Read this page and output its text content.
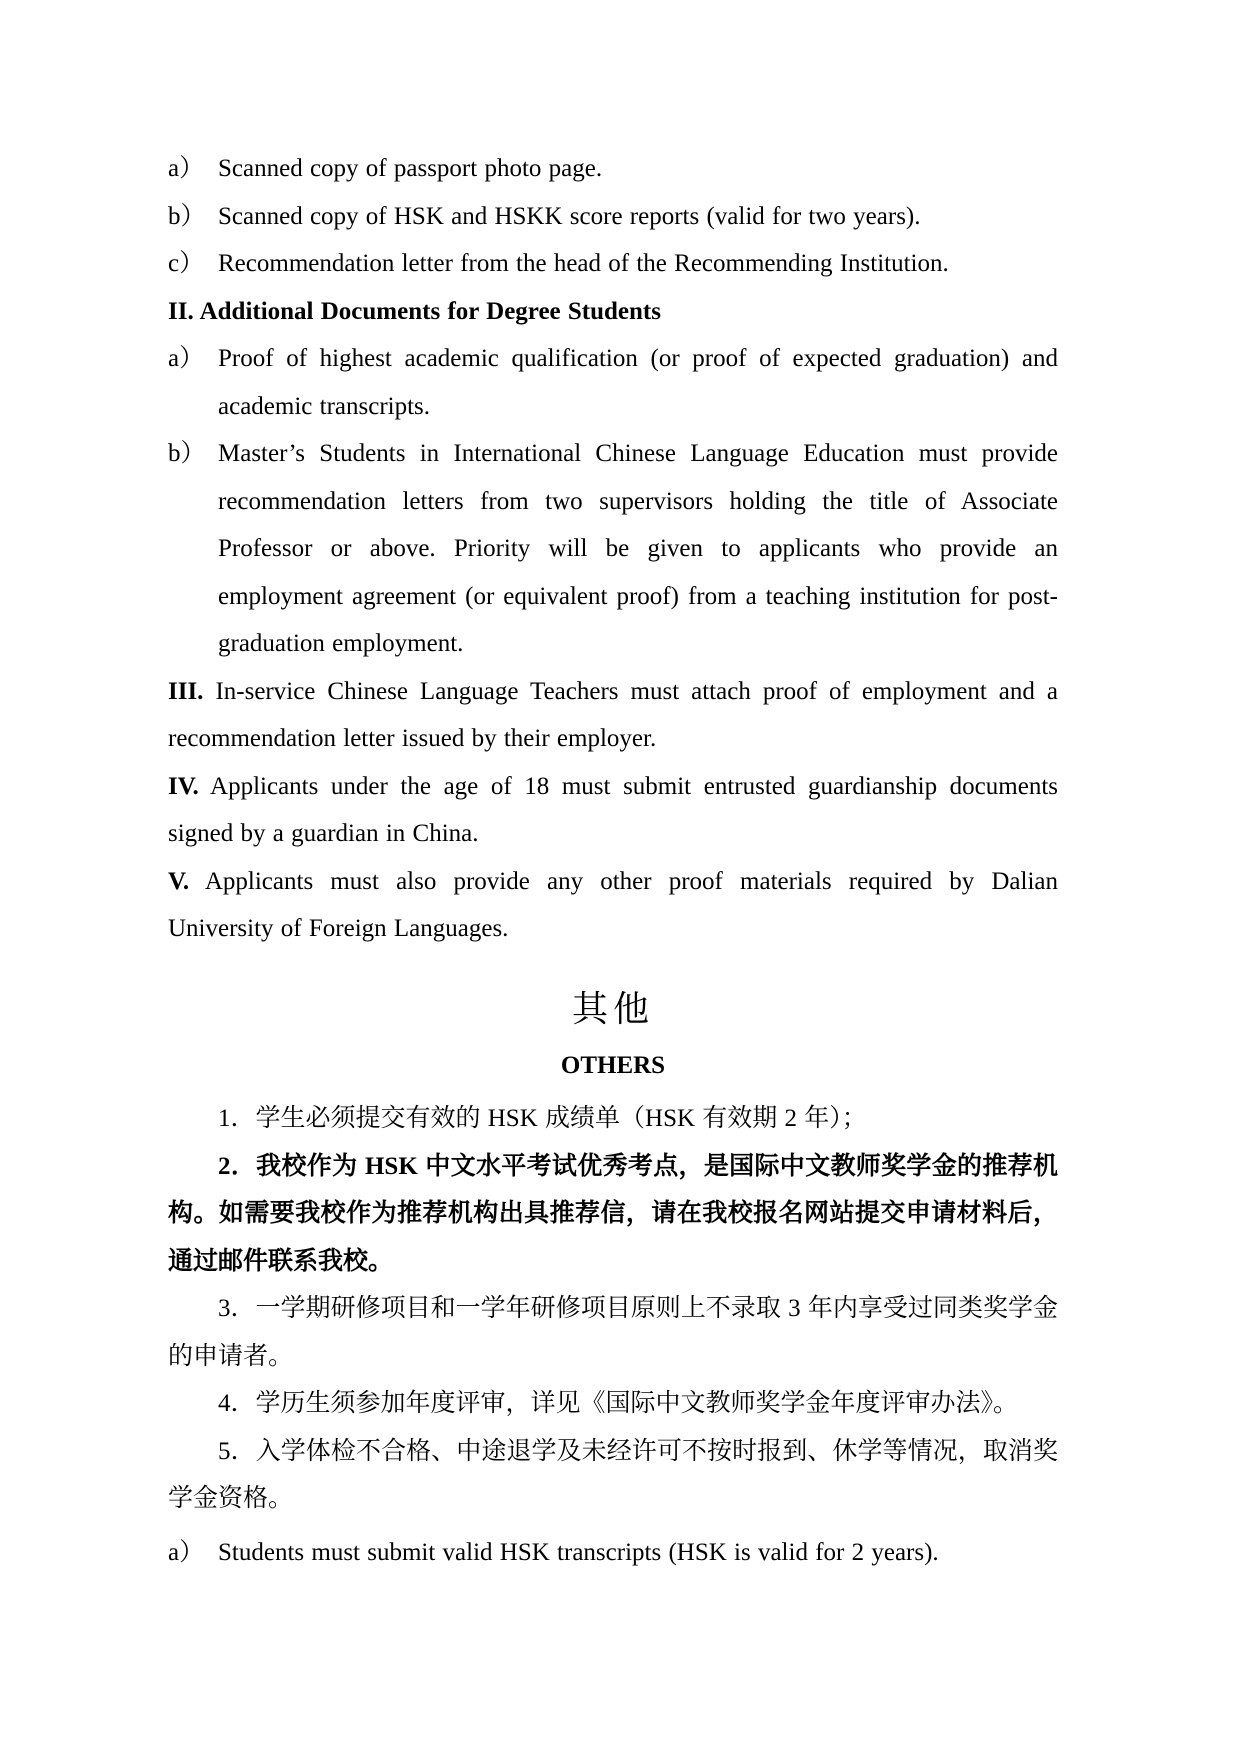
a） Scanned copy of passport photo page.

b） Scanned copy of HSK and HSKK score reports (valid for two years).

c） Recommendation letter from the head of the Recommending Institution.

II. Additional Documents for Degree Students

a） Proof of highest academic qualification (or proof of expected graduation) and academic transcripts.

b） Master’s Students in International Chinese Language Education must provide recommendation letters from two supervisors holding the title of Associate Professor or above. Priority will be given to applicants who provide an employment agreement (or equivalent proof) from a teaching institution for post-graduation employment.

III. In-service Chinese Language Teachers must attach proof of employment and a recommendation letter issued by their employer.

IV. Applicants under the age of 18 must submit entrusted guardianship documents signed by a guardian in China.

V. Applicants must also provide any other proof materials required by Dalian University of Foreign Languages.

其他

OTHERS

1．学生必须提交有效的 HSK 成绩单（HSK 有效期 2 年）；

2．我校作为 HSK 中文水平考试优秀考点，是国际中文教师奖学金的推荐机构。如需要我校作为推荐机构出具推荐信，请在我校报名网站提交申请材料后，通过邮件联系我校。

3．一学期研修项目和一学年研修项目原则上不录取 3 年内享受过同类奖学金的申请者。

4．学历生须参加年度评审，详见《国际中文教师奖学金年度评审办法》。

5．入学体检不合格、中途退学及未经许可不按时报到、休学等情况，取消奖学金资格。

a） Students must submit valid HSK transcripts (HSK is valid for 2 years).
